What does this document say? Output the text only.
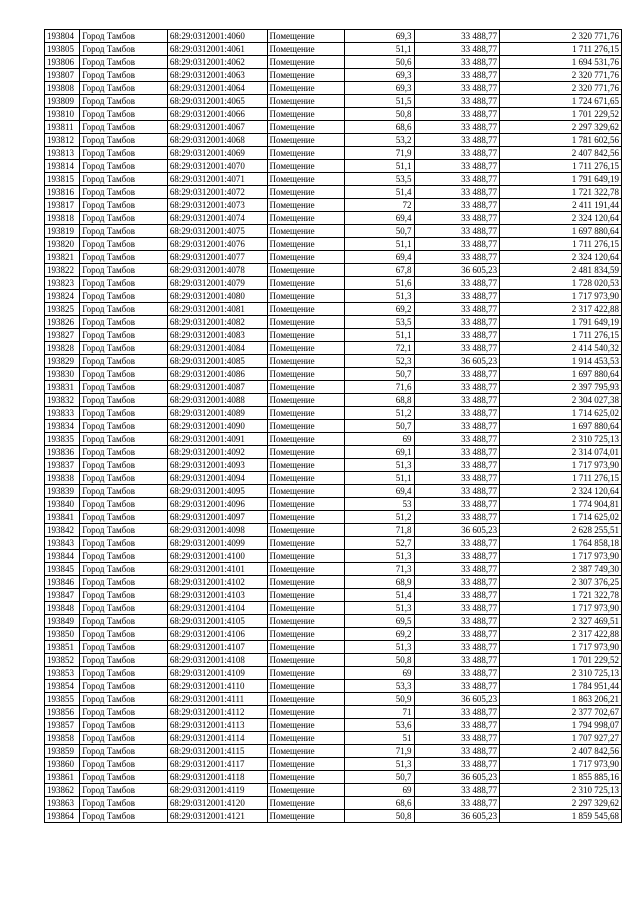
193804	Город Тамбов	68:29:0312001:4060	Помещение	69,3	33 488,77	2 320 771,76
193805	Город Тамбов	68:29:0312001:4061	Помещение	51,1	33 488,77	1 711 276,15
193806	Город Тамбов	68:29:0312001:4062	Помещение	50,6	33 488,77	1 694 531,76
193807	Город Тамбов	68:29:0312001:4063	Помещение	69,3	33 488,77	2 320 771,76
193808	Город Тамбов	68:29:0312001:4064	Помещение	69,3	33 488,77	2 320 771,76
193809	Город Тамбов	68:29:0312001:4065	Помещение	51,5	33 488,77	1 724 671,65
193810	Город Тамбов	68:29:0312001:4066	Помещение	50,8	33 488,77	1 701 229,52
193811	Город Тамбов	68:29:0312001:4067	Помещение	68,6	33 488,77	2 297 329,62
193812	Город Тамбов	68:29:0312001:4068	Помещение	53,2	33 488,77	1 781 602,56
193813	Город Тамбов	68:29:0312001:4069	Помещение	71,9	33 488,77	2 407 842,56
193814	Город Тамбов	68:29:0312001:4070	Помещение	51,1	33 488,77	1 711 276,15
193815	Город Тамбов	68:29:0312001:4071	Помещение	53,5	33 488,77	1 791 649,19
193816	Город Тамбов	68:29:0312001:4072	Помещение	51,4	33 488,77	1 721 322,78
193817	Город Тамбов	68:29:0312001:4073	Помещение	72	33 488,77	2 411 191,44
193818	Город Тамбов	68:29:0312001:4074	Помещение	69,4	33 488,77	2 324 120,64
193819	Город Тамбов	68:29:0312001:4075	Помещение	50,7	33 488,77	1 697 880,64
193820	Город Тамбов	68:29:0312001:4076	Помещение	51,1	33 488,77	1 711 276,15
193821	Город Тамбов	68:29:0312001:4077	Помещение	69,4	33 488,77	2 324 120,64
193822	Город Тамбов	68:29:0312001:4078	Помещение	67,8	36 605,23	2 481 834,59
193823	Город Тамбов	68:29:0312001:4079	Помещение	51,6	33 488,77	1 728 020,53
193824	Город Тамбов	68:29:0312001:4080	Помещение	51,3	33 488,77	1 717 973,90
193825	Город Тамбов	68:29:0312001:4081	Помещение	69,2	33 488,77	2 317 422,88
193826	Город Тамбов	68:29:0312001:4082	Помещение	53,5	33 488,77	1 791 649,19
193827	Город Тамбов	68:29:0312001:4083	Помещение	51,1	33 488,77	1 711 276,15
193828	Город Тамбов	68:29:0312001:4084	Помещение	72,1	33 488,77	2 414 540,32
193829	Город Тамбов	68:29:0312001:4085	Помещение	52,3	36 605,23	1 914 453,53
193830	Город Тамбов	68:29:0312001:4086	Помещение	50,7	33 488,77	1 697 880,64
193831	Город Тамбов	68:29:0312001:4087	Помещение	71,6	33 488,77	2 397 795,93
193832	Город Тамбов	68:29:0312001:4088	Помещение	68,8	33 488,77	2 304 027,38
193833	Город Тамбов	68:29:0312001:4089	Помещение	51,2	33 488,77	1 714 625,02
193834	Город Тамбов	68:29:0312001:4090	Помещение	50,7	33 488,77	1 697 880,64
193835	Город Тамбов	68:29:0312001:4091	Помещение	69	33 488,77	2 310 725,13
193836	Город Тамбов	68:29:0312001:4092	Помещение	69,1	33 488,77	2 314 074,01
193837	Город Тамбов	68:29:0312001:4093	Помещение	51,3	33 488,77	1 717 973,90
193838	Город Тамбов	68:29:0312001:4094	Помещение	51,1	33 488,77	1 711 276,15
193839	Город Тамбов	68:29:0312001:4095	Помещение	69,4	33 488,77	2 324 120,64
193840	Город Тамбов	68:29:0312001:4096	Помещение	53	33 488,77	1 774 904,81
193841	Город Тамбов	68:29:0312001:4097	Помещение	51,2	33 488,77	1 714 625,02
193842	Город Тамбов	68:29:0312001:4098	Помещение	71,8	36 605,23	2 628 255,51
193843	Город Тамбов	68:29:0312001:4099	Помещение	52,7	33 488,77	1 764 858,18
193844	Город Тамбов	68:29:0312001:4100	Помещение	51,3	33 488,77	1 717 973,90
193845	Город Тамбов	68:29:0312001:4101	Помещение	71,3	33 488,77	2 387 749,30
193846	Город Тамбов	68:29:0312001:4102	Помещение	68,9	33 488,77	2 307 376,25
193847	Город Тамбов	68:29:0312001:4103	Помещение	51,4	33 488,77	1 721 322,78
193848	Город Тамбов	68:29:0312001:4104	Помещение	51,3	33 488,77	1 717 973,90
193849	Город Тамбов	68:29:0312001:4105	Помещение	69,5	33 488,77	2 327 469,51
193850	Город Тамбов	68:29:0312001:4106	Помещение	69,2	33 488,77	2 317 422,88
193851	Город Тамбов	68:29:0312001:4107	Помещение	51,3	33 488,77	1 717 973,90
193852	Город Тамбов	68:29:0312001:4108	Помещение	50,8	33 488,77	1 701 229,52
193853	Город Тамбов	68:29:0312001:4109	Помещение	69	33 488,77	2 310 725,13
193854	Город Тамбов	68:29:0312001:4110	Помещение	53,3	33 488,77	1 784 951,44
193855	Город Тамбов	68:29:0312001:4111	Помещение	50,9	36 605,23	1 863 206,21
193856	Город Тамбов	68:29:0312001:4112	Помещение	71	33 488,77	2 377 702,67
193857	Город Тамбов	68:29:0312001:4113	Помещение	53,6	33 488,77	1 794 998,07
193858	Город Тамбов	68:29:0312001:4114	Помещение	51	33 488,77	1 707 927,27
193859	Город Тамбов	68:29:0312001:4115	Помещение	71,9	33 488,77	2 407 842,56
193860	Город Тамбов	68:29:0312001:4117	Помещение	51,3	33 488,77	1 717 973,90
193861	Город Тамбов	68:29:0312001:4118	Помещение	50,7	36 605,23	1 855 885,16
193862	Город Тамбов	68:29:0312001:4119	Помещение	69	33 488,77	2 310 725,13
193863	Город Тамбов	68:29:0312001:4120	Помещение	68,6	33 488,77	2 297 329,62
193864	Город Тамбов	68:29:0312001:4121	Помещение	50,8	36 605,23	1 859 545,68
